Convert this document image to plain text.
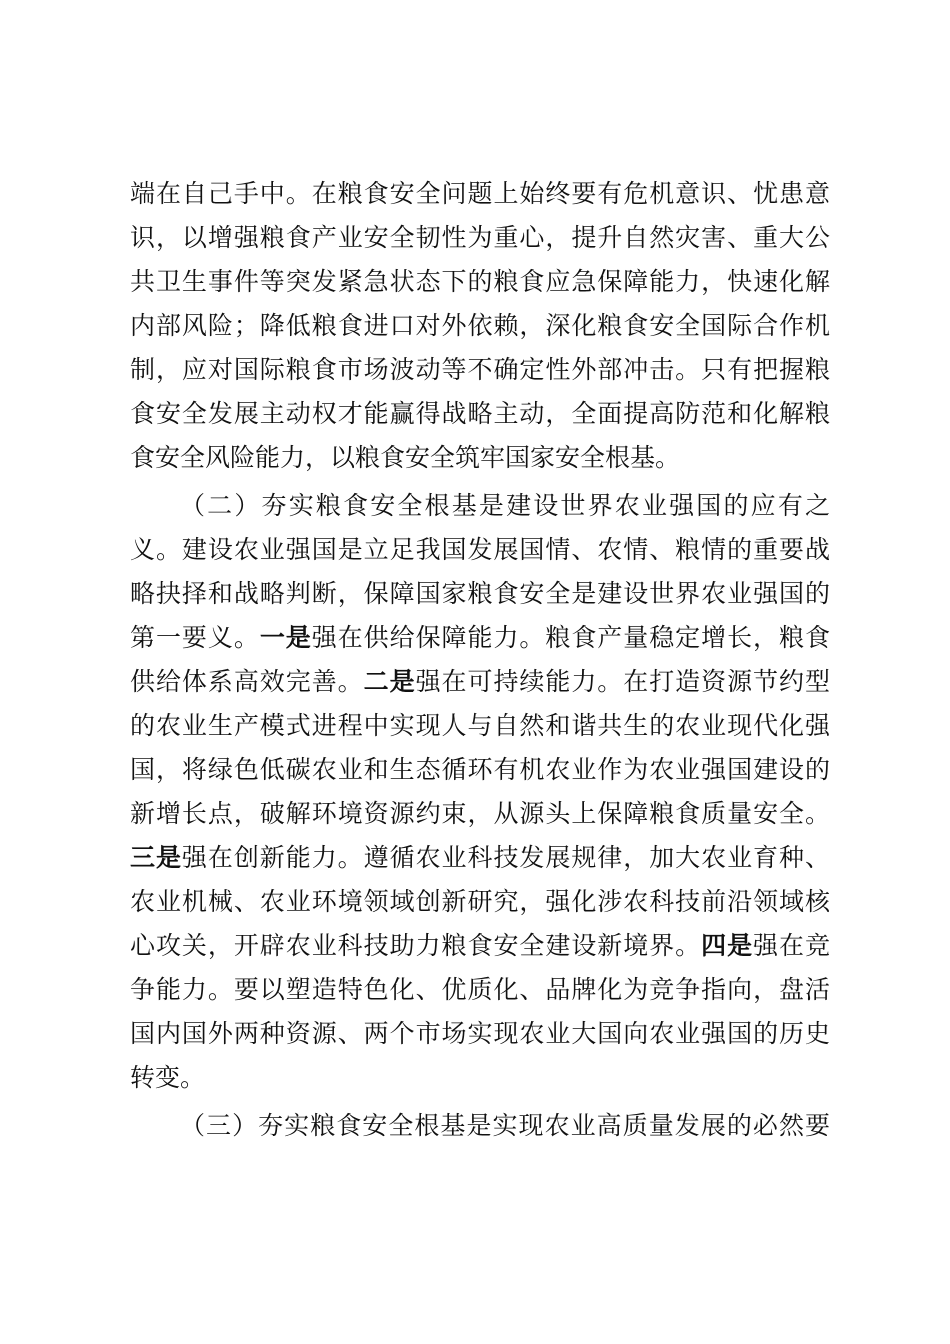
端在自己手中。在粮食安全问题上始终要有危机意识、忧患意
识，以增强粮食产业安全韧性为重心，提升自然灾害、重大公
共卫生事件等突发紧急状态下的粮食应急保障能力，快速化解
内部风险；降低粮食进口对外依赖，深化粮食安全国际合作机
制，应对国际粮食市场波动等不确定性外部冲击。只有把握粮
食安全发展主动权才能赢得战略主动，全面提高防范和化解粮
食安全风险能力，以粮食安全筑牢国家安全根基。
（二）夯实粮食安全根基是建设世界农业强国的应有之
义。建设农业强国是立足我国发展国情、农情、粮情的重要战
略抉择和战略判断，保障国家粮食安全是建设世界农业强国的
第一要义。一是强在供给保障能力。粮食产量稳定增长，粮食
供给体系高效完善。二是强在可持续能力。在打造资源节约型
的农业生产模式进程中实现人与自然和谐共生的农业现代化强
国，将绿色低碳农业和生态循环有机农业作为农业强国建设的
新增长点，破解环境资源约束，从源头上保障粮食质量安全。
三是强在创新能力。遵循农业科技发展规律，加大农业育种、
农业机械、农业环境领域创新研究，强化涉农科技前沿领域核
心攻关，开辟农业科技助力粮食安全建设新境界。四是强在竞
争能力。要以塑造特色化、优质化、品牌化为竞争指向，盘活
国内国外两种资源、两个市场实现农业大国向农业强国的历史
转变。
（三）夯实粮食安全根基是实现农业高质量发展的必然要
